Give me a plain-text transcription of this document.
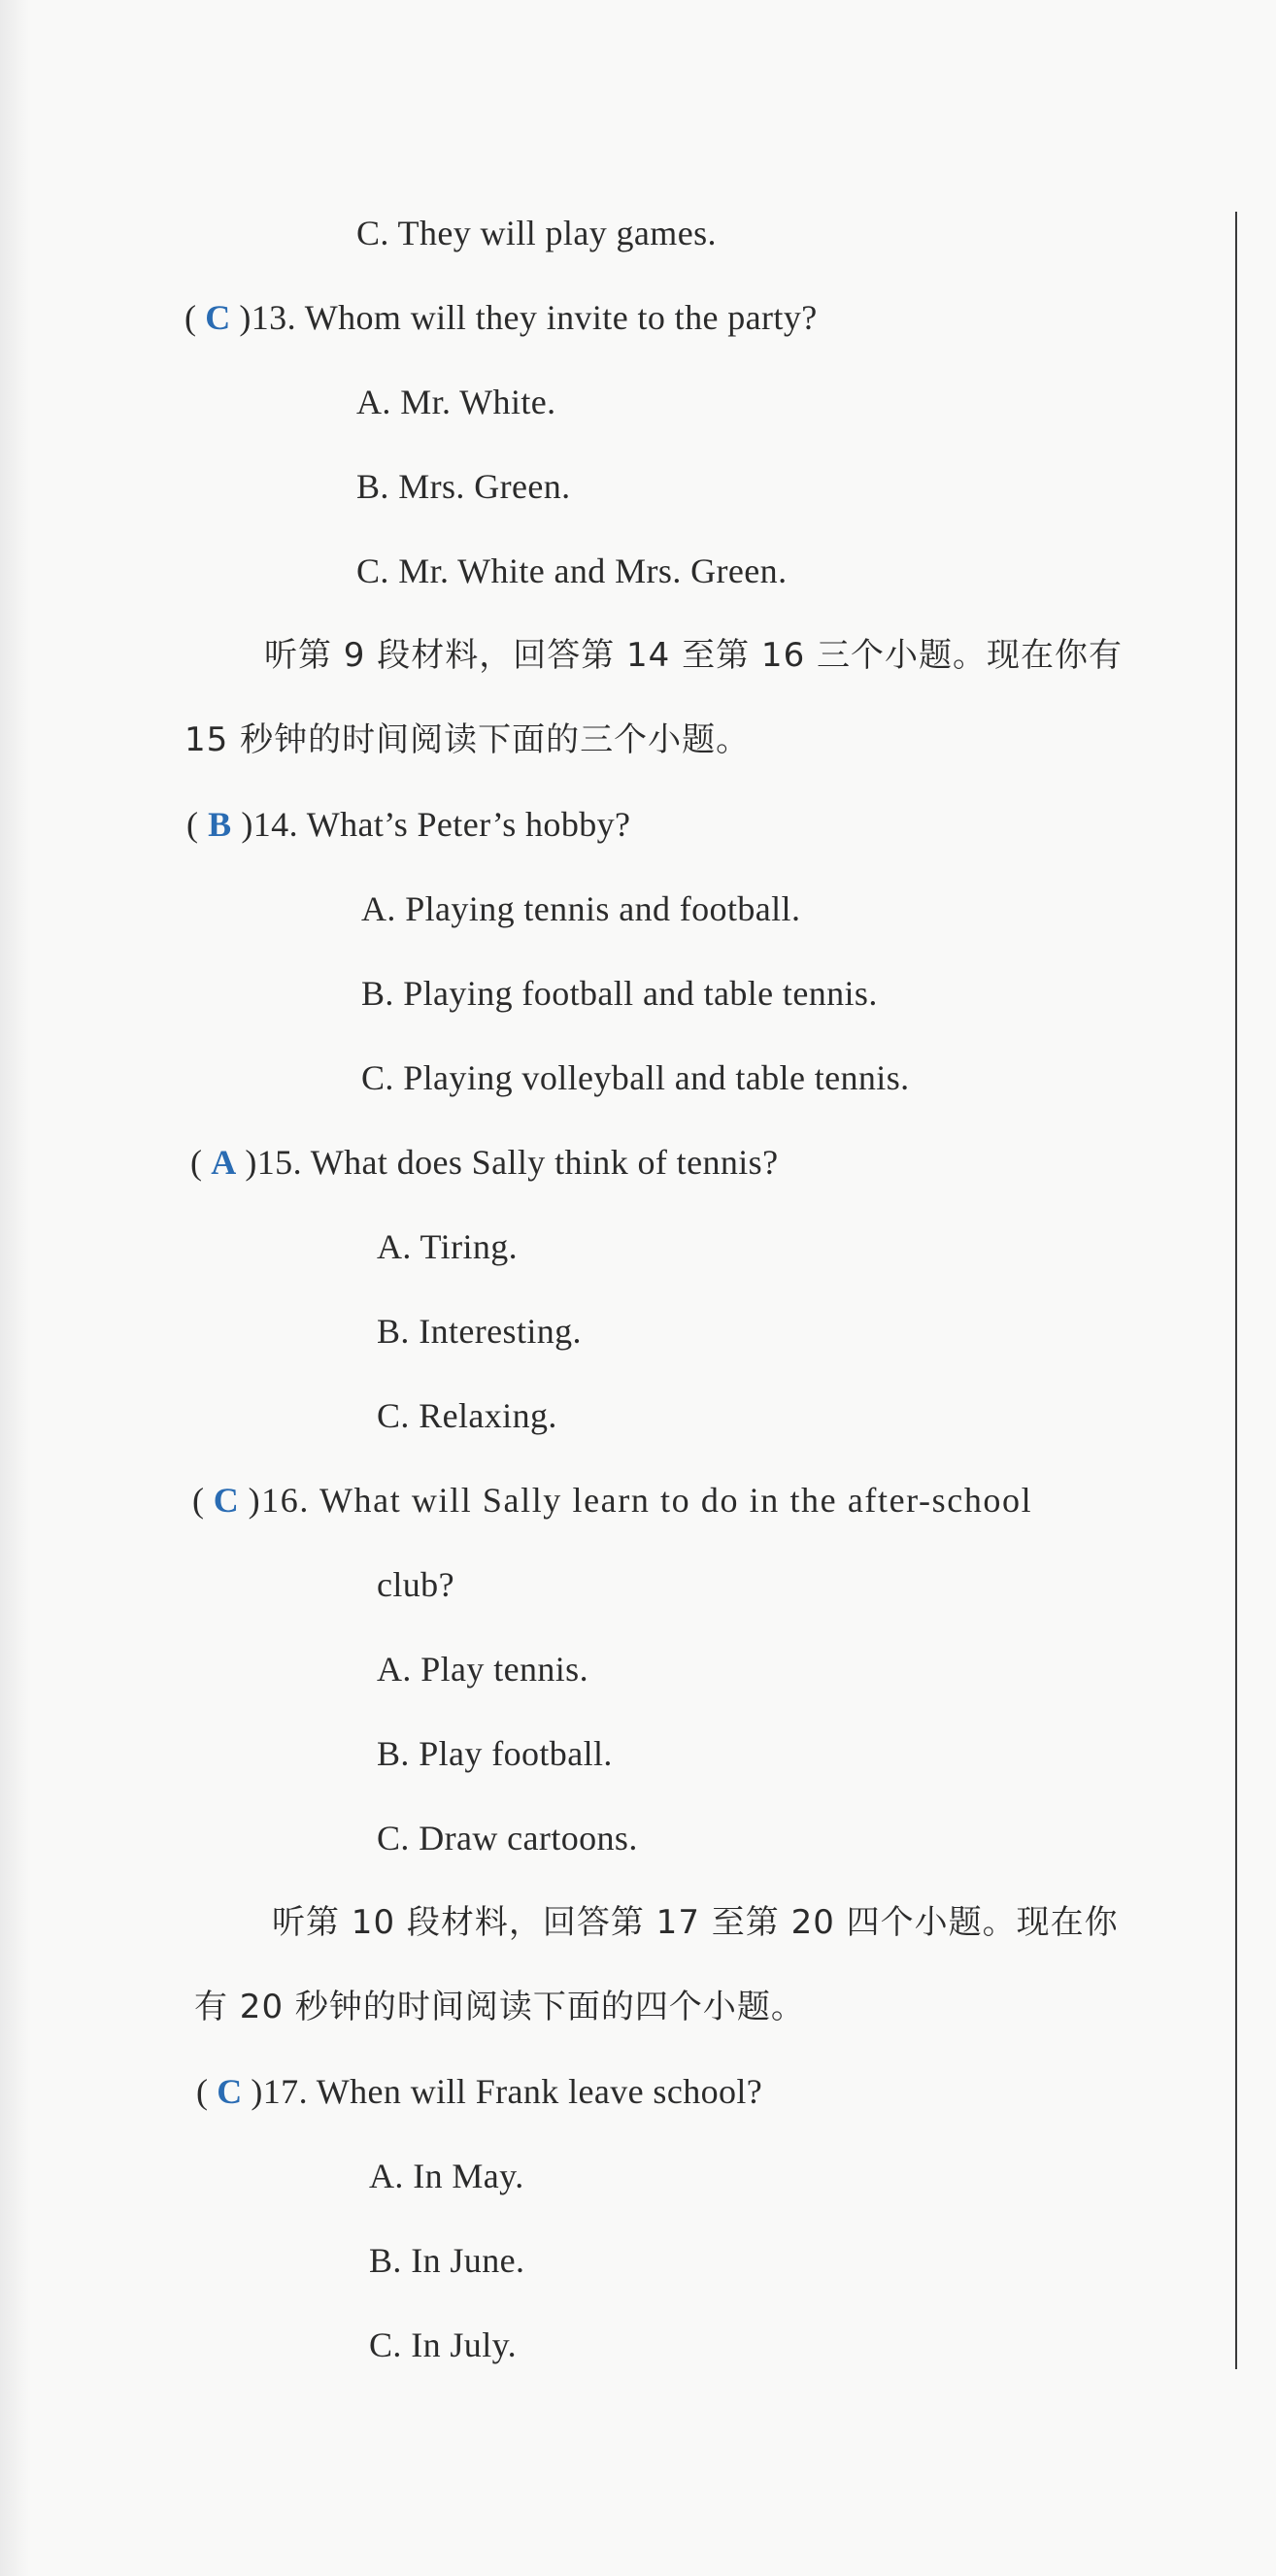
C. They will play games.
( C )13. Whom will they invite to the party?
A. Mr. White.
B. Mrs. Green.
C. Mr. White and Mrs. Green.
听第 9 段材料，回答第 14 至第 16 三个小题。现在你有
15 秒钟的时间阅读下面的三个小题。
( B )14. What’s Peter’s hobby?
A. Playing tennis and football.
B. Playing football and table tennis.
C. Playing volleyball and table tennis.
( A )15. What does Sally think of tennis?
A. Tiring.
B. Interesting.
C. Relaxing.
( C )16. What will Sally learn to do in the after-school
club?
A. Play tennis.
B. Play football.
C. Draw cartoons.
听第 10 段材料，回答第 17 至第 20 四个小题。现在你
有 20 秒钟的时间阅读下面的四个小题。
( C )17. When will Frank leave school?
A. In May.
B. In June.
C. In July.
